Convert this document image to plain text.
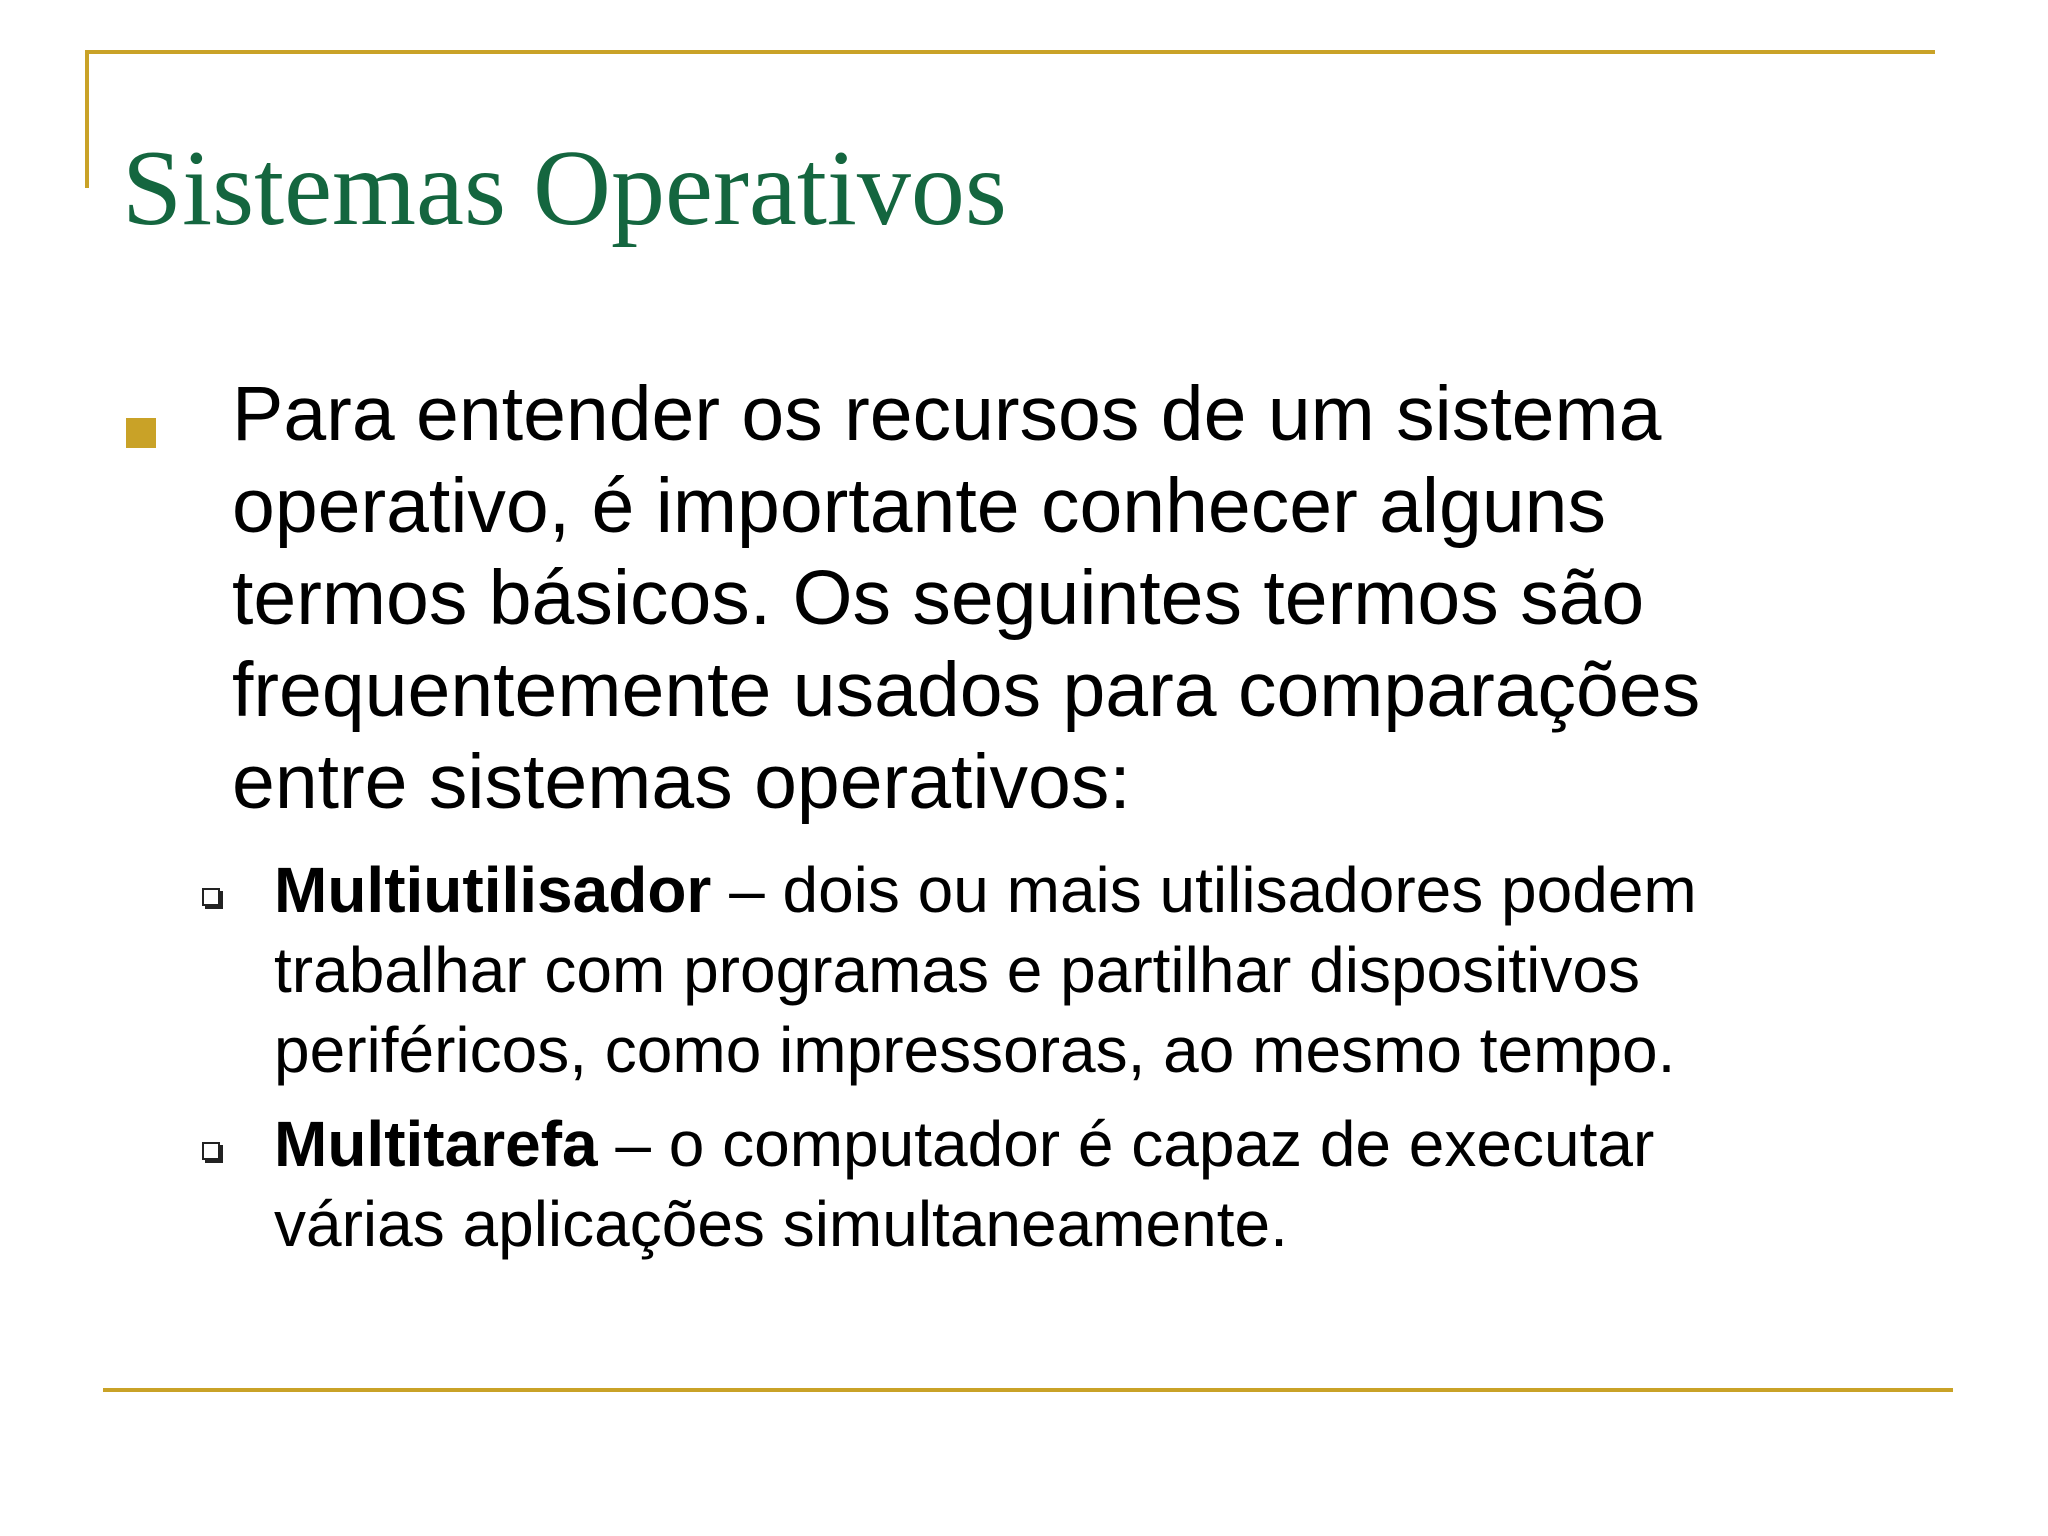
Sistemas Operativos
Para entender os recursos de um sistema
operativo, é importante conhecer alguns
termos básicos. Os seguintes termos são
frequentemente usados para comparações
entre sistemas operativos:
Multiutilisador – dois ou mais utilisadores podem
trabalhar com programas e partilhar dispositivos
periféricos, como impressoras, ao mesmo tempo.
Multitarefa – o computador é capaz de executar
várias aplicações simultaneamente.
